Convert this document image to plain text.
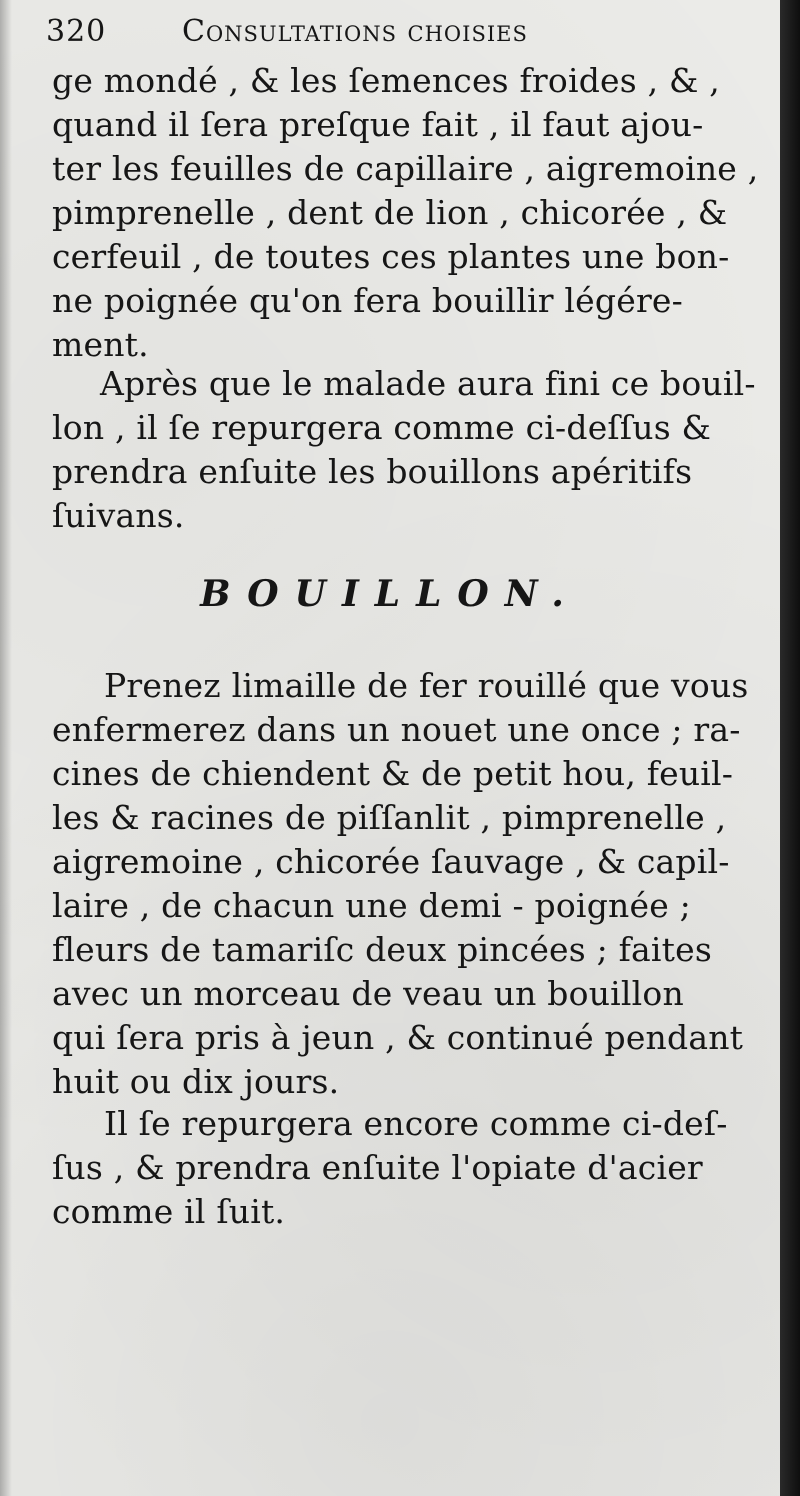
320	Consultations choisies
ge mondé , & les ſemences froides , & ,
quand il ſera preſque fait , il faut ajou-
ter les feuilles de capillaire , aigremoine ,
pimprenelle , dent de lion , chicorée , &
cerfeuil , de toutes ces plantes une bon-
ne poignée qu'on fera bouillir légére-
ment.
Après que le malade aura fini ce bouil-
lon , il ſe repurgera comme ci-deſſus &
prendra enſuite les bouillons apéritifs
ſuivans.
BOUILLON.
Prenez limaille de fer rouillé que vous
enfermerez dans un nouet une once ; ra-
cines de chiendent & de petit hou, feuil-
les & racines de piſſanlit , pimprenelle ,
aigremoine , chicorée ſauvage , & capil-
laire , de chacun une demi - poignée ;
fleurs de tamariſc deux pincées ; faites
avec un morceau de veau un bouillon
qui ſera pris à jeun , & continué pendant
huit ou dix jours.
Il ſe repurgera encore comme ci-deſ-
ſus , & prendra enſuite l'opiate d'acier
comme il ſuit.
